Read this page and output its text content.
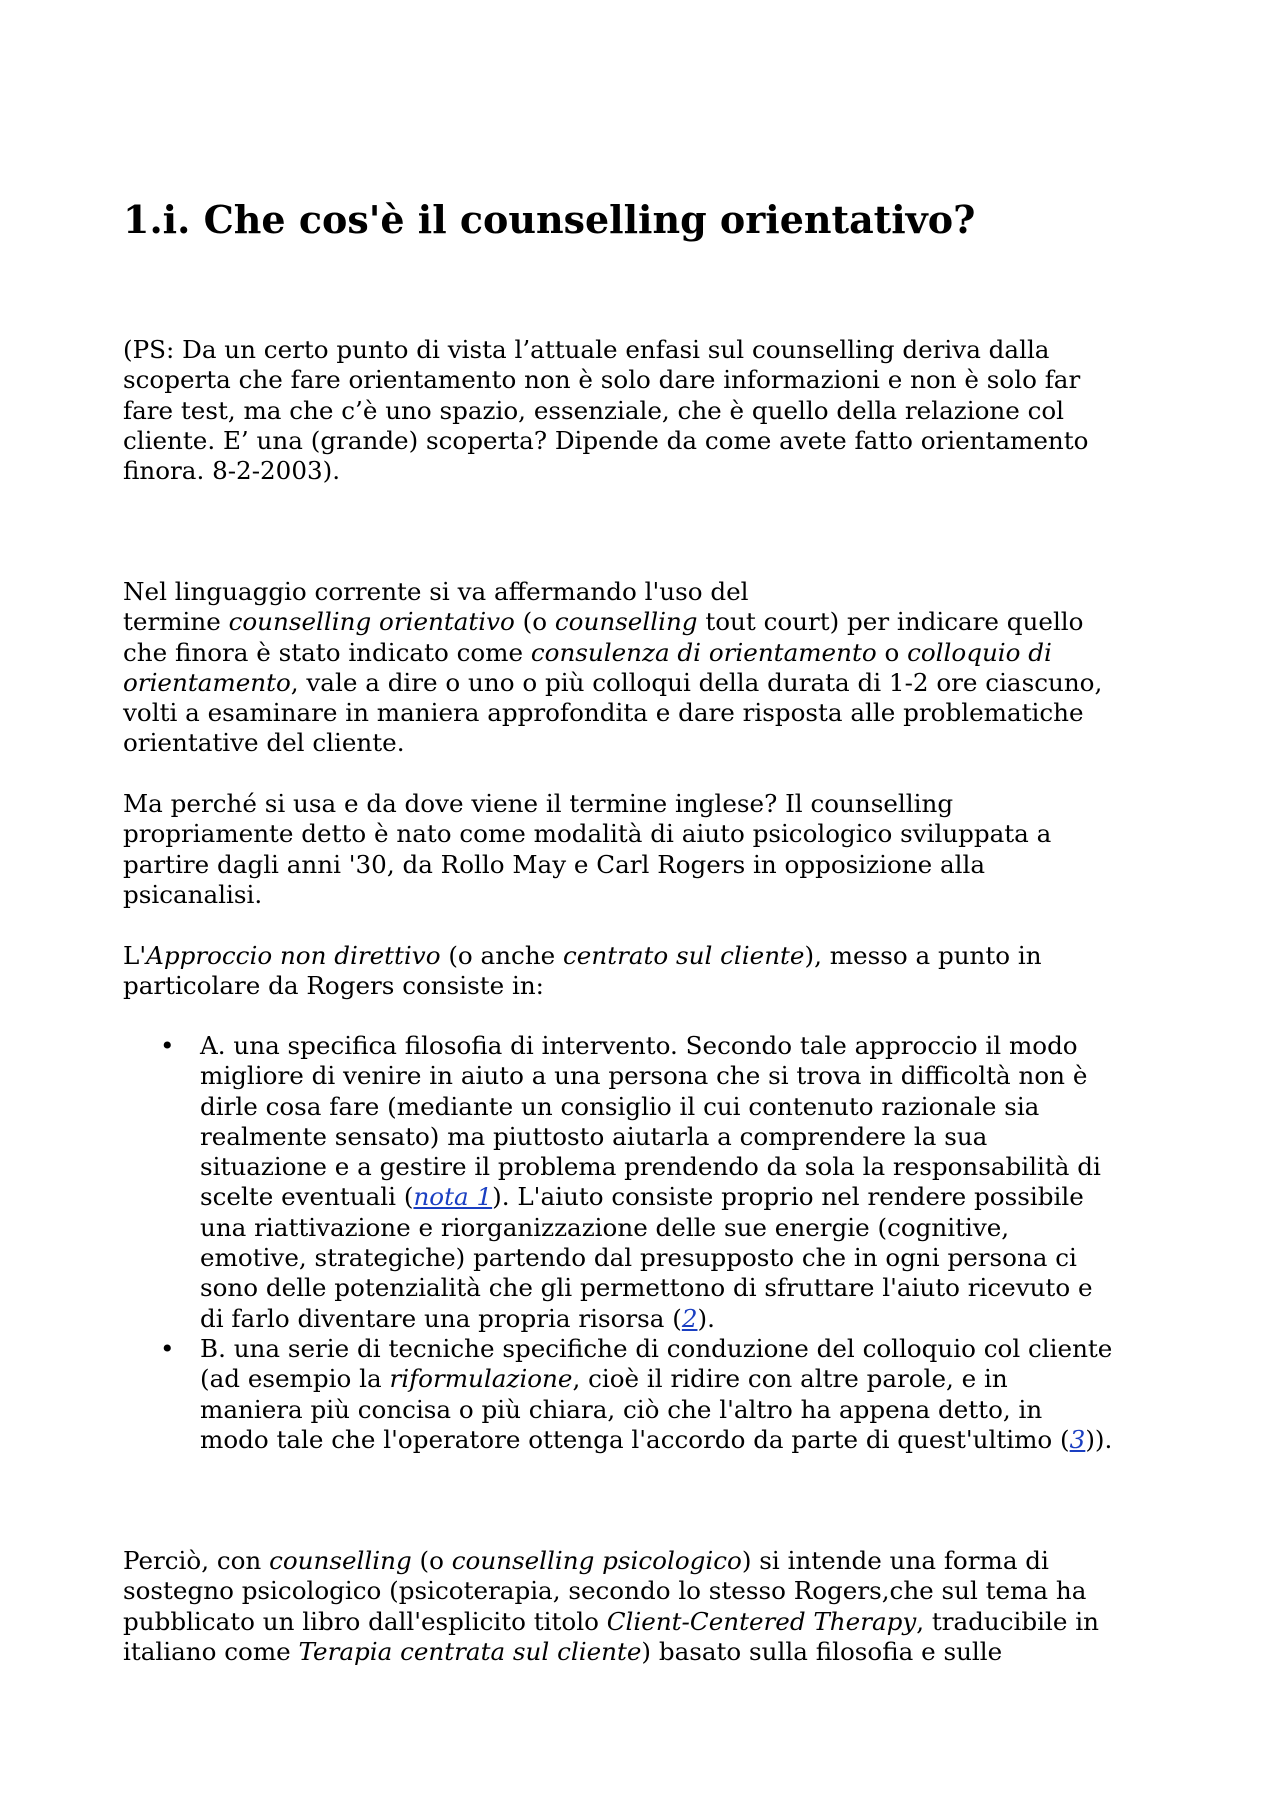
1.i. Che cos'è il counselling orientativo?

(PS: Da un certo punto di vista l’attuale enfasi sul counselling deriva dalla
scoperta che fare orientamento non è solo dare informazioni e non è solo far
fare test, ma che c’è uno spazio, essenziale, che è quello della relazione col
cliente. E’ una (grande) scoperta? Dipende da come avete fatto orientamento
finora. 8-2-2003).

Nel linguaggio corrente si va affermando l'uso del
termine counselling orientativo (o counselling tout court) per indicare quello
che finora è stato indicato come consulenza di orientamento o colloquio di
orientamento, vale a dire o uno o più colloqui della durata di 1-2 ore ciascuno,
volti a esaminare in maniera approfondita e dare risposta alle problematiche
orientative del cliente.

Ma perché si usa e da dove viene il termine inglese? Il counselling
propriamente detto è nato come modalità di aiuto psicologico sviluppata a
partire dagli anni '30, da Rollo May e Carl Rogers in opposizione alla
psicanalisi.

L'Approccio non direttivo (o anche centrato sul cliente), messo a punto in
particolare da Rogers consiste in:

• A. una specifica filosofia di intervento. Secondo tale approccio il modo
migliore di venire in aiuto a una persona che si trova in difficoltà non è
dirle cosa fare (mediante un consiglio il cui contenuto razionale sia
realmente sensato) ma piuttosto aiutarla a comprendere la sua
situazione e a gestire il problema prendendo da sola la responsabilità di
scelte eventuali (nota 1). L'aiuto consiste proprio nel rendere possibile
una riattivazione e riorganizzazione delle sue energie (cognitive,
emotive, strategiche) partendo dal presupposto che in ogni persona ci
sono delle potenzialità che gli permettono di sfruttare l'aiuto ricevuto e
di farlo diventare una propria risorsa (2).
• B. una serie di tecniche specifiche di conduzione del colloquio col cliente
(ad esempio la riformulazione, cioè il ridire con altre parole, e in
maniera più concisa o più chiara, ciò che l'altro ha appena detto, in
modo tale che l'operatore ottenga l'accordo da parte di quest'ultimo (3)).

Perciò, con counselling (o counselling psicologico) si intende una forma di
sostegno psicologico (psicoterapia, secondo lo stesso Rogers,che sul tema ha
pubblicato un libro dall'esplicito titolo Client-Centered Therapy, traducibile in
italiano come Terapia centrata sul cliente) basato sulla filosofia e sulle
